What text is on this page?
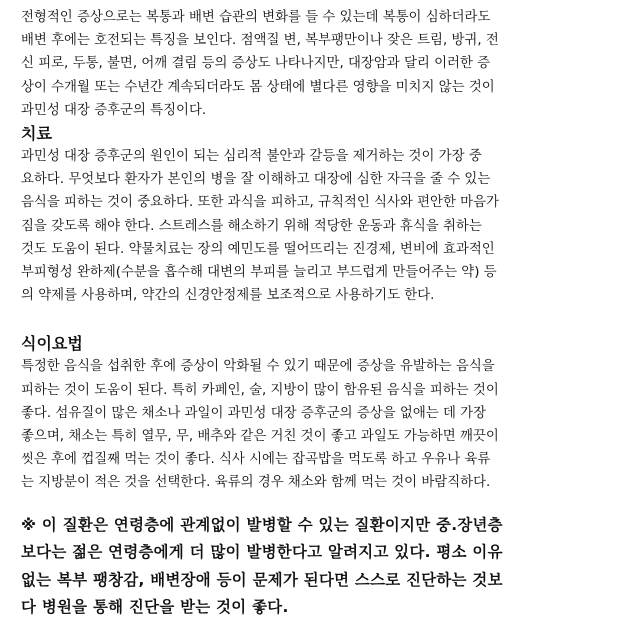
전형적인 증상으로는 복통과 배변 습관의 변화를 들 수 있는데 복통이 심하더라도
배변 후에는 호전되는 특징을 보인다. 점액질 변, 복부팽만이나 잦은 트림, 방귀, 전
신 피로, 두통, 불면, 어깨 결림 등의 증상도 나타나지만, 대장암과 달리 이러한 증
상이 수개월 또는 수년간 계속되더라도 몸 상태에 별다른 영향을 미치지 않는 것이
과민성 대장 증후군의 특징이다.

치료

과민성 대장 증후군의 원인이 되는 심리적 불안과 갈등을 제거하는 것이 가장 중
요하다. 무엇보다 환자가 본인의 병을 잘 이해하고 대장에 심한 자극을 줄 수 있는
음식을 피하는 것이 중요하다. 또한 과식을 피하고, 규칙적인 식사와 편안한 마음가
짐을 갖도록 해야 한다. 스트레스를 해소하기 위해 적당한 운동과 휴식을 취하는
것도 도움이 된다. 약물치료는 장의 예민도를 떨어뜨리는 진경제, 변비에 효과적인
부피형성 완하제(수분을 흡수해 대변의 부피를 늘리고 부드럽게 만들어주는 약) 등
의 약제를 사용하며, 약간의 신경안정제를 보조적으로 사용하기도 한다.

식이요법

특정한 음식을 섭취한 후에 증상이 악화될 수 있기 때문에 증상을 유발하는 음식을
피하는 것이 도움이 된다. 특히 카페인, 술, 지방이 많이 함유된 음식을 피하는 것이
좋다. 섬유질이 많은 채소나 과일이 과민성 대장 증후군의 증상을 없애는 데 가장
좋으며, 채소는 특히 열무, 무, 배추와 같은 거친 것이 좋고 과일도 가능하면 깨끗이
씻은 후에 껍질째 먹는 것이 좋다. 식사 시에는 잡곡밥을 먹도록 하고 우유나 육류
는 지방분이 적은 것을 선택한다. 육류의 경우 채소와 함께 먹는 것이 바람직하다.

※ 이 질환은 연령층에 관계없이 발병할 수 있는 질환이지만 중.장년층
보다는 젊은 연령층에게 더 많이 발병한다고 알려지고 있다. 평소 이유
없는 복부 팽창감, 배변장애 등이 문제가 된다면 스스로 진단하는 것보
다 병원을 통해 진단을 받는 것이 좋다.
